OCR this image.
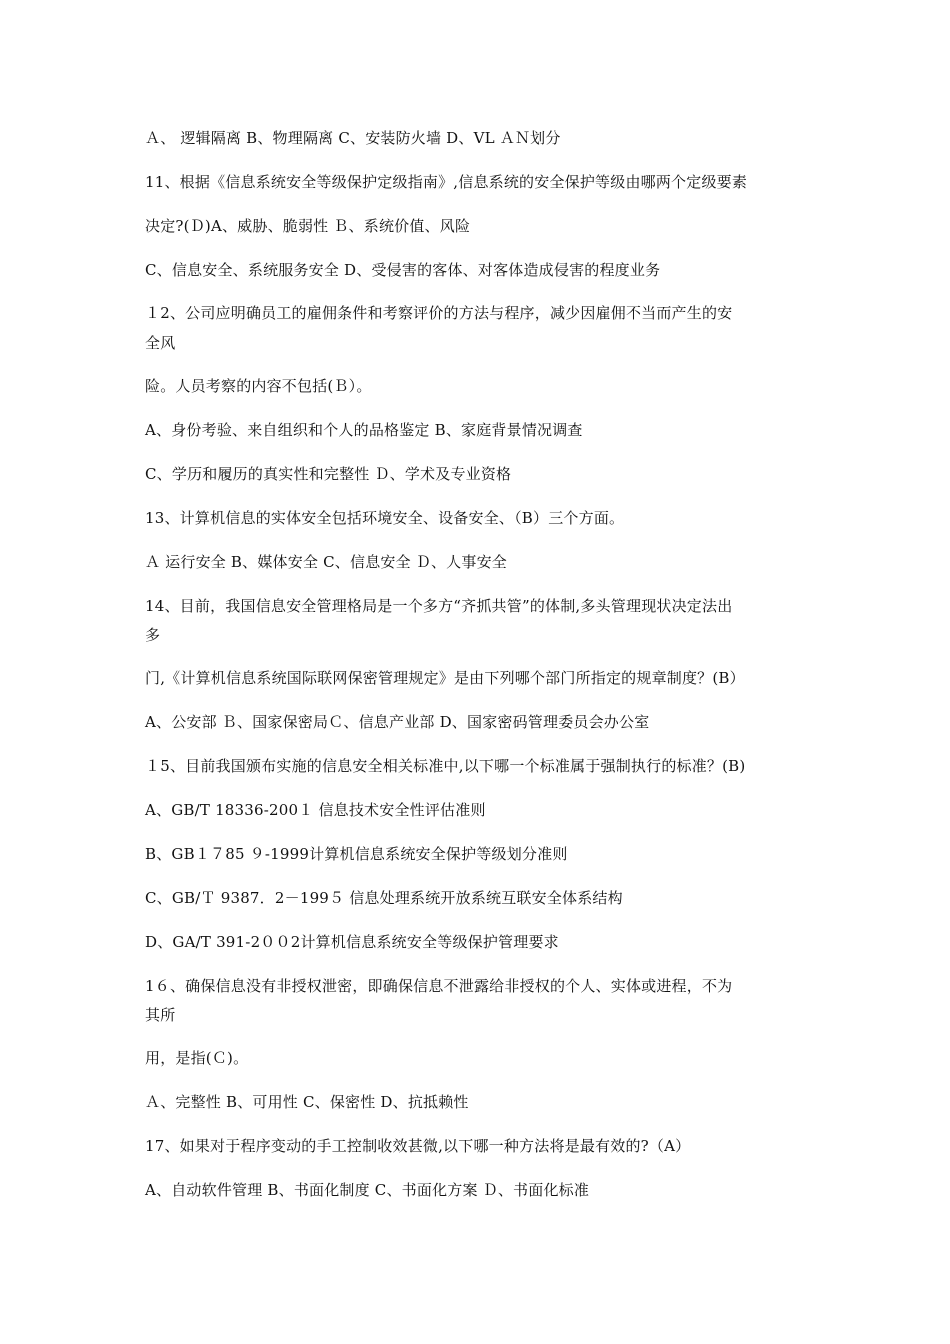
Ａ、 逻辑隔离 B、物理隔离 C、安装防火墙 D、VL ＡＮ划分
11、根据《信息系统安全等级保护定级指南》,信息系统的安全保护等级由哪两个定级要素
决定?(Ｄ)A、威胁、脆弱性 Ｂ、系统价值、风险
C、信息安全、系统服务安全 D、受侵害的客体、对客体造成侵害的程度业务
１2、公司应明确员工的雇佣条件和考察评价的方法与程序，减少因雇佣不当而产生的安
全风
险。人员考察的内容不包括(Ｂ）。
A、身份考验、来自组织和个人的品格鉴定 B、家庭背景情况调查
C、学历和履历的真实性和完整性 Ｄ、学术及专业资格
13、计算机信息的实体安全包括环境安全、设备安全、（B）三个方面。
Ａ 运行安全 B、媒体安全 C、信息安全 Ｄ、人事安全
14、目前，我国信息安全管理格局是一个多方“齐抓共管”的体制,多头管理现状决定法出
多
门,《计算机信息系统国际联网保密管理规定》是由下列哪个部门所指定的规章制度？(B）
A、公安部 Ｂ、国家保密局Ｃ、信息产业部 D、国家密码管理委员会办公室
１5、目前我国颁布实施的信息安全相关标准中,以下哪一个标准属于强制执行的标准？(B)
A、GB/T 18336-200１ 信息技术安全性评估准则
B、GB１７85 ９-1999计算机信息系统安全保护等级划分准则
C、GB/Ｔ 9387．2－199５ 信息处理系统开放系统互联安全体系结构
D、GA/T 391-2００2计算机信息系统安全等级保护管理要求
1６、确保信息没有非授权泄密，即确保信息不泄露给非授权的个人、实体或进程，不为
其所
用，是指(Ｃ)。
Ａ、完整性 B、可用性 C、保密性 D、抗抵赖性
17、如果对于程序变动的手工控制收效甚微,以下哪一种方法将是最有效的?（A）
A、自动软件管理 B、书面化制度 C、书面化方案 Ｄ、书面化标准
